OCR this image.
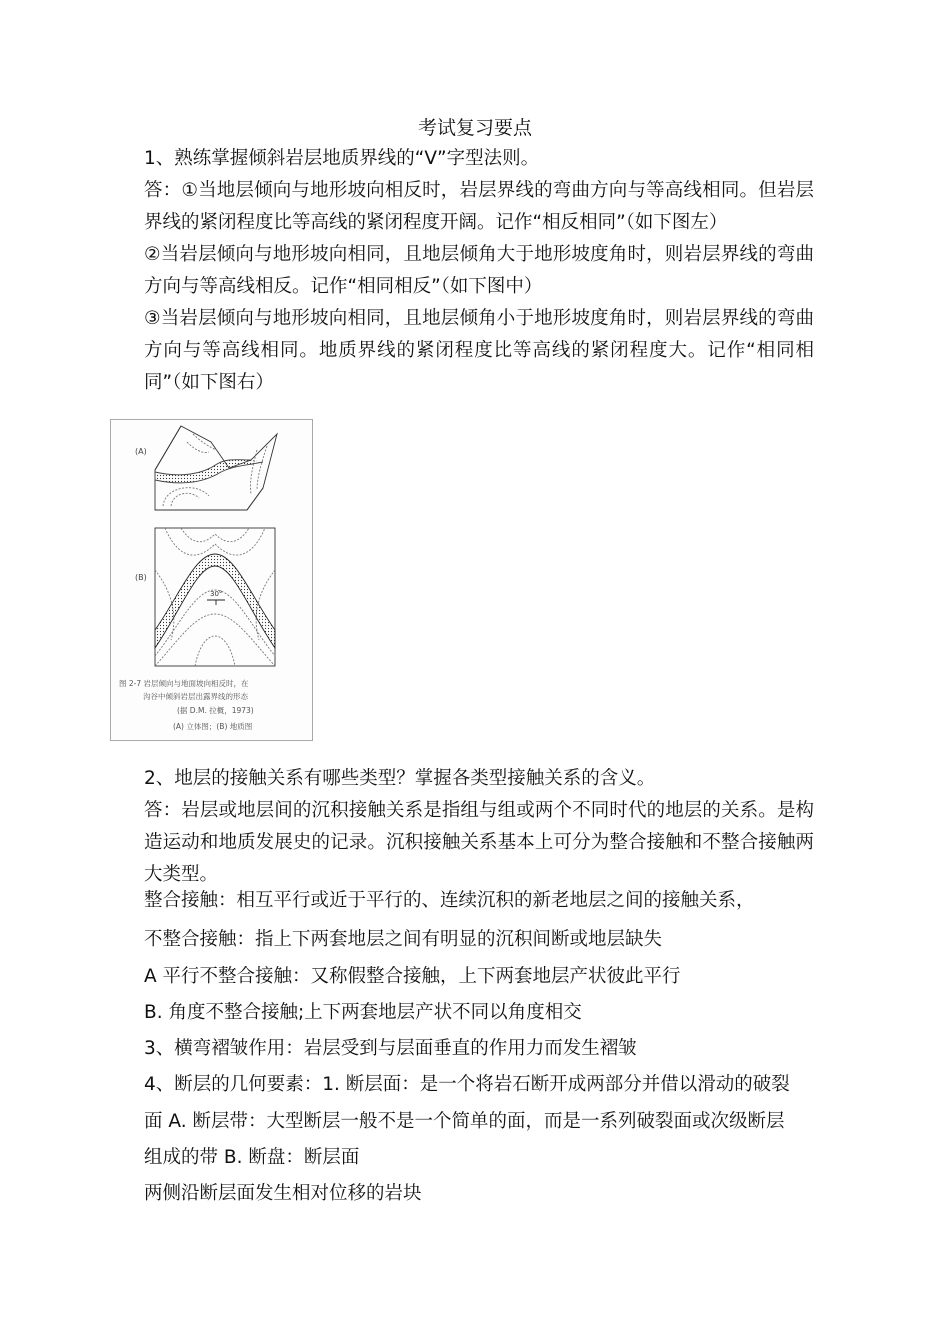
考试复习要点

1、熟练掌握倾斜岩层地质界线的“V”字型法则。

答：①当地层倾向与地形坡向相反时，岩层界线的弯曲方向与等高线相同。但岩层界线的紧闭程度比等高线的紧闭程度开阔。记作“相反相同”（如下图左）

②当岩层倾向与地形坡向相同，且地层倾角大于地形坡度角时，则岩层界线的弯曲方向与等高线相反。记作“相同相反”（如下图中）

③当岩层倾向与地形坡向相同，且地层倾角小于地形坡度角时，则岩层界线的弯曲方向与等高线相同。地质界线的紧闭程度比等高线的紧闭程度大。记作“相同相同”（如下图右）

(A)
(B)
30°
图 2-7 岩层倾向与地面坡向相反时，在
沟谷中倾斜岩层出露界线的形态
(据 D.M. 拉概，1973)
(A) 立体图；(B) 地质图

2、地层的接触关系有哪些类型？掌握各类型接触关系的含义。

答：岩层或地层间的沉积接触关系是指组与组或两个不同时代的地层的关系。是构造运动和地质发展史的记录。沉积接触关系基本上可分为整合接触和不整合接触两大类型。

整合接触：相互平行或近于平行的、连续沉积的新老地层之间的接触关系，
不整合接触：指上下两套地层之间有明显的沉积间断或地层缺失
A 平行不整合接触：又称假整合接触，上下两套地层产状彼此平行
B. 角度不整合接触;上下两套地层产状不同以角度相交
3、横弯褶皱作用：岩层受到与层面垂直的作用力而发生褶皱
4、断层的几何要素：1. 断层面：是一个将岩石断开成两部分并借以滑动的破裂
面 A. 断层带：大型断层一般不是一个简单的面，而是一系列破裂面或次级断层
组成的带 B. 断盘：断层面
两侧沿断层面发生相对位移的岩块
